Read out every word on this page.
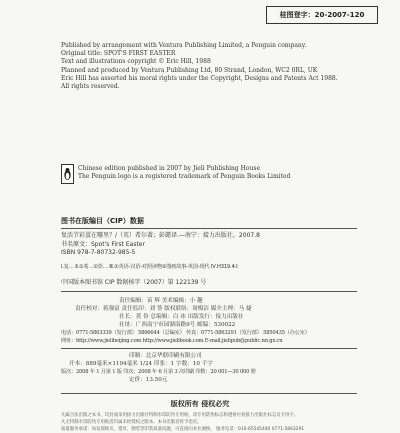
桂图登字：20-2007-120
Published by arrangement with Ventura Publishing Limited, a Penguin company.
Original title: SPOT'S FIRST EASTER
Text and illustrations copyright © Eric Hill, 1988
Planned and produced by Ventura Publishing Ltd, 80 Strand, London, WC2 0RL, UK
Eric Hill has asserted his moral rights under the Copyright, Designs and Patents Act 1988.
All rights reserved.
Chinese edition published in 2007 by Jieli Publishing House
The Penguin logo is a registered trademark of Penguin Books Limited
图书在版编目（CIP）数据
复活节彩蛋在哪里？/（英）希尔著；彭懿译.—南宁：接力出版社，2007.8
书名原文：Spot's First Easter
ISBN 978-7-80732-985-5
Ⅰ.复… Ⅱ.①希…②彭… Ⅲ.①英语-汉语-对照读物②图画故事-英国-现代 Ⅳ.H319.4:Ⅰ
中国版本图书馆 CIP 数据核字（2007）第 122139 号
责任编辑：苗 辉 美术编辑：小 趣
责任校对：蒋强富 责任监印：刘 签 版权联络：周梅洁 媒介主理：马 婕
社长：黄 俭 总编辑：白 冰 出版发行：接力出版社
社址：广西南宁市园湖南路9号 邮编：530022
电话：0771-5863339（发行部） 5866644（总编室） 传真：0771-5863291（发行部） 5850435（办公室）
网址：http://www.jielibeijing.com http://www.jielibook.com E-mail:jielipub@public.nn.gx.cn
印制：北京华联印刷有限公司
开本：889毫米×1194毫米 1/24 印张：1 字数：10 千字
版次：2008 年 1 月第 1 版 印次：2008 年 6 月第 3 次印刷 印数：20 001—30 000 册
定价：13.50元
版权所有 侵权必究
凡属合法出版之本书，均封面采用接力出版社特制水印防伪专用纸，请专用防伪标志和透视可看接力出版社标志及专用字。
凡无特制水印防伪专用纸者均属未经授权之版本。本书出版者将予追究。
质量服务承诺：如发现缺页、错页、倒装等印装质量问题，可直接向本社调换。 服务电话：010-65545440 0771-5863291
